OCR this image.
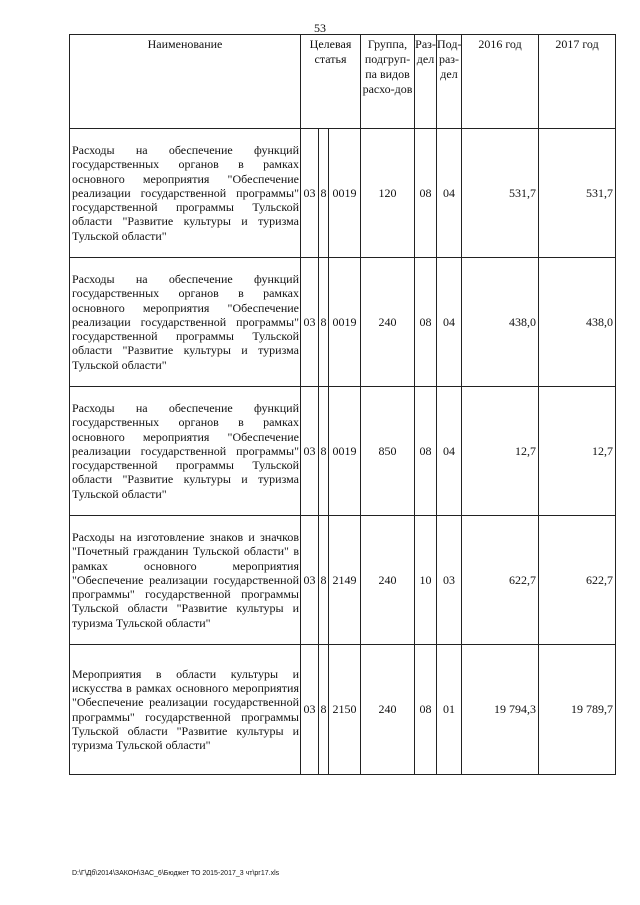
53
Наименование	Целевая статья			Группа, подгруп-па видов расхо-дов	Раз-дел	Под-раз-дел	2016 год	2017 год
Расходы на обеспечение функций государственных органов в рамках основного мероприятия "Обеспечение реализации государственной программы" государственной программы Тульской области "Развитие культуры и туризма Тульской области"	03	8	0019	120	08	04	531,7	531,7
Расходы на обеспечение функций государственных органов в рамках основного мероприятия "Обеспечение реализации государственной программы" государственной программы Тульской области "Развитие культуры и туризма Тульской области"	03	8	0019	240	08	04	438,0	438,0
Расходы на обеспечение функций государственных органов в рамках основного мероприятия "Обеспечение реализации государственной программы" государственной программы Тульской области "Развитие культуры и туризма Тульской области"	03	8	0019	850	08	04	12,7	12,7
Расходы на изготовление знаков и значков "Почетный гражданин Тульской области" в рамках основного мероприятия "Обеспечение реализации государственной программы" государственной программы Тульской области "Развитие культуры и туризма Тульской области"	03	8	2149	240	10	03	622,7	622,7
Мероприятия в области культуры и искусства в рамках основного мероприятия "Обеспечение реализации государственной программы" государственной программы Тульской области "Развитие культуры и туризма Тульской области"	03	8	2150	240	08	01	19 794,3	19 789,7
D:\Г\Дб\2014\ЗАКОН\ЗАС_6\Бюджет ТО 2015-2017_3 чт\рг17.xls
